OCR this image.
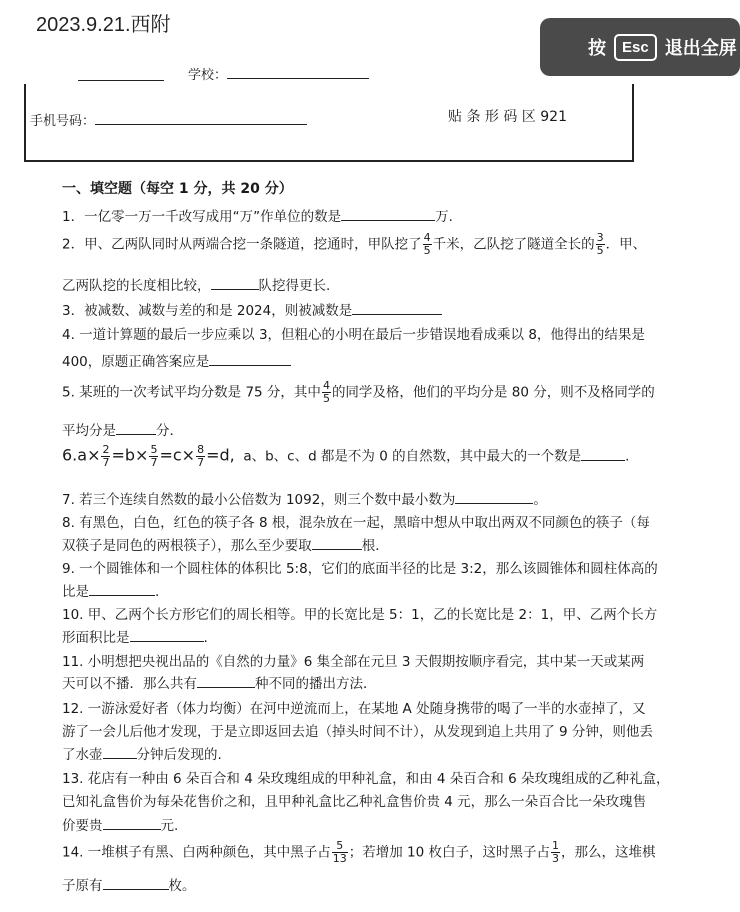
2023.9.21.西附
按	Esc 退出全屏
学校：
手机号码：	贴 条 形 码 区 921
一、填空题（每空 1 分，共 20 分）
1．一亿零一万一千改写成用“万”作单位的数是	万.
2．甲、乙两队同时从两端合挖一条隧道，挖通时，甲队挖了 $\frac{4}{5}$ 千米，乙队挖了隧道全长的 $\frac{3}{5}$ ．甲、
乙两队挖的长度相比较，	队挖得更长.
3．被减数、减数与差的和是 2024，则被减数是
4. 一道计算题的最后一步应乘以 3，但粗心的小明在最后一步错误地看成乘以 8，他得出的结果是
400，原题正确答案应是
5. 某班的一次考试平均分数是 75 分，其中 $\frac{4}{5}$ 的同学及格，他们的平均分是 80 分，则不及格同学的
平均分是	分．
$6.a\times \frac{2}{7} =b\times \frac{5}{7} =c\times \frac{8}{7} =d$, a、b、c、d 都是不为 0 的自然数，其中最大的一个数是	.
7. 若三个连续自然数的最小公倍数为 1092，则三个数中最小数为	。
8. 有黑色，白色，红色的筷子各 8 根，混杂放在一起，黑暗中想从中取出两双不同颜色的筷子（每
双筷子是同色的两根筷子），那么至少要取	根．
9. 一个圆锥体和一个圆柱体的体积比 5:8，它们的底面半径的比是 3:2，那么该圆锥体和圆柱体高的
比是	.
10. 甲、乙两个长方形它们的周长相等。甲的长宽比是 5：1，乙的长宽比是 2：1，甲、乙两个长方
形面积比是	.
11. 小明想把央视出品的《自然的力量》6 集全部在元旦 3 天假期按顺序看完，其中某一天或某两
天可以不播．那么共有	种不同的播出方法．
12. 一游泳爱好者（体力均衡）在河中逆流而上，在某地 A 处随身携带的喝了一半的水壶掉了，又
游了一会儿后他才发现，于是立即返回去追（掉头时间不计），从发现到追上共用了 9 分钟，则他丢
了水壶	分钟后发现的.
13. 花店有一种由 6 朵百合和 4 朵玫瑰组成的甲种礼盒，和由 4 朵百合和 6 朵玫瑰组成的乙种礼盒，
已知礼盒售价为每朵花售价之和，且甲种礼盒比乙种礼盒售价贵 4 元，那么一朵百合比一朵玫瑰售
价要贵	元.
14. 一堆棋子有黑、白两种颜色，其中黑子占 $\frac{5}{13}$ ；若增加 10 枚白子，这时黑子占 $\frac{1}{3}$ ，那么，这堆棋
子原有	枚。
